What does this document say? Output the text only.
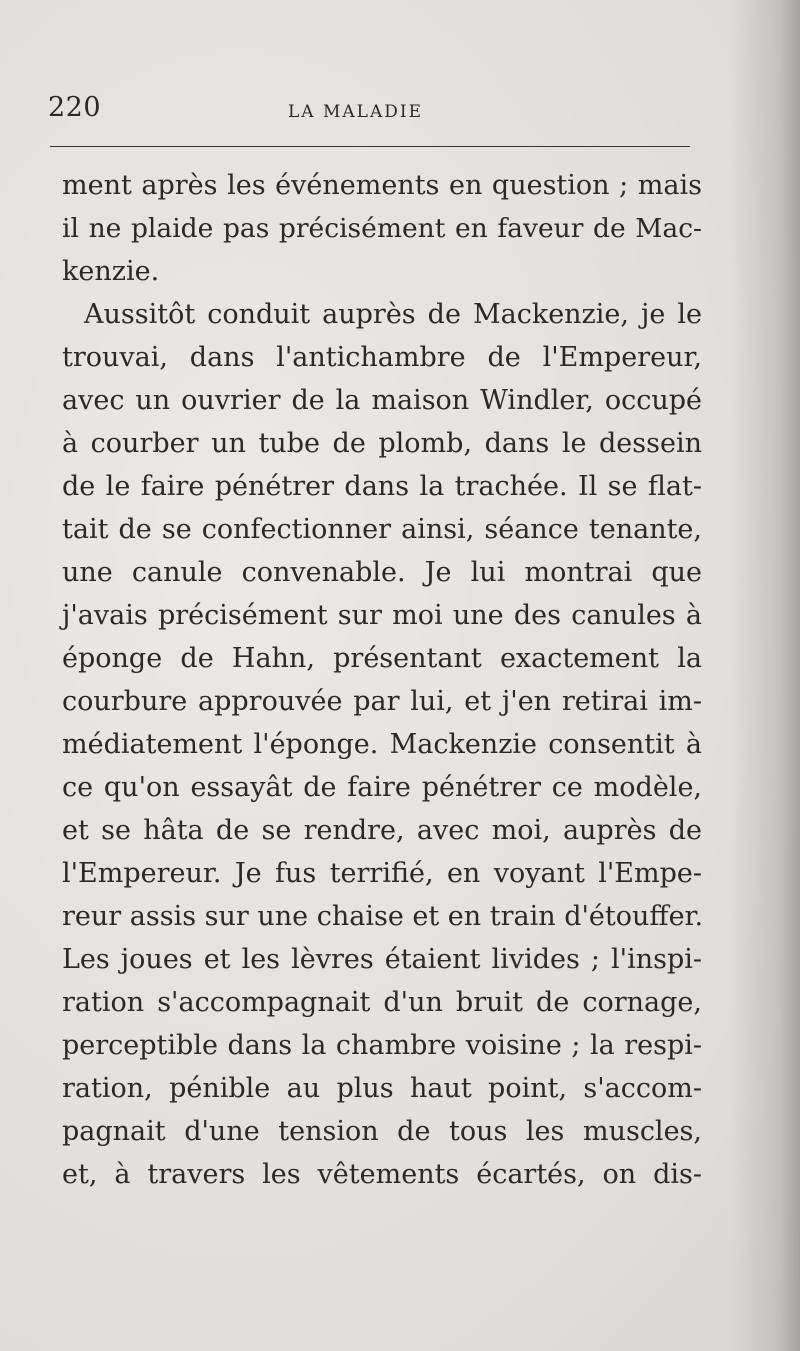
220	LA MALADIE
ment après les événements en question ; mais
il ne plaide pas précisément en faveur de Mac-
kenzie.
Aussitôt conduit auprès de Mackenzie, je le
trouvai, dans l'antichambre de l'Empereur,
avec un ouvrier de la maison Windler, occupé
à courber un tube de plomb, dans le dessein
de le faire pénétrer dans la trachée. Il se flat-
tait de se confectionner ainsi, séance tenante,
une canule convenable. Je lui montrai que
j'avais précisément sur moi une des canules à
éponge de Hahn, présentant exactement la
courbure approuvée par lui, et j'en retirai im-
médiatement l'éponge. Mackenzie consentit à
ce qu'on essayât de faire pénétrer ce modèle,
et se hâta de se rendre, avec moi, auprès de
l'Empereur. Je fus terrifié, en voyant l'Empe-
reur assis sur une chaise et en train d'étouffer.
Les joues et les lèvres étaient livides ; l'inspi-
ration s'accompagnait d'un bruit de cornage,
perceptible dans la chambre voisine ; la respi-
ration, pénible au plus haut point, s'accom-
pagnait d'une tension de tous les muscles,
et, à travers les vêtements écartés, on dis-
